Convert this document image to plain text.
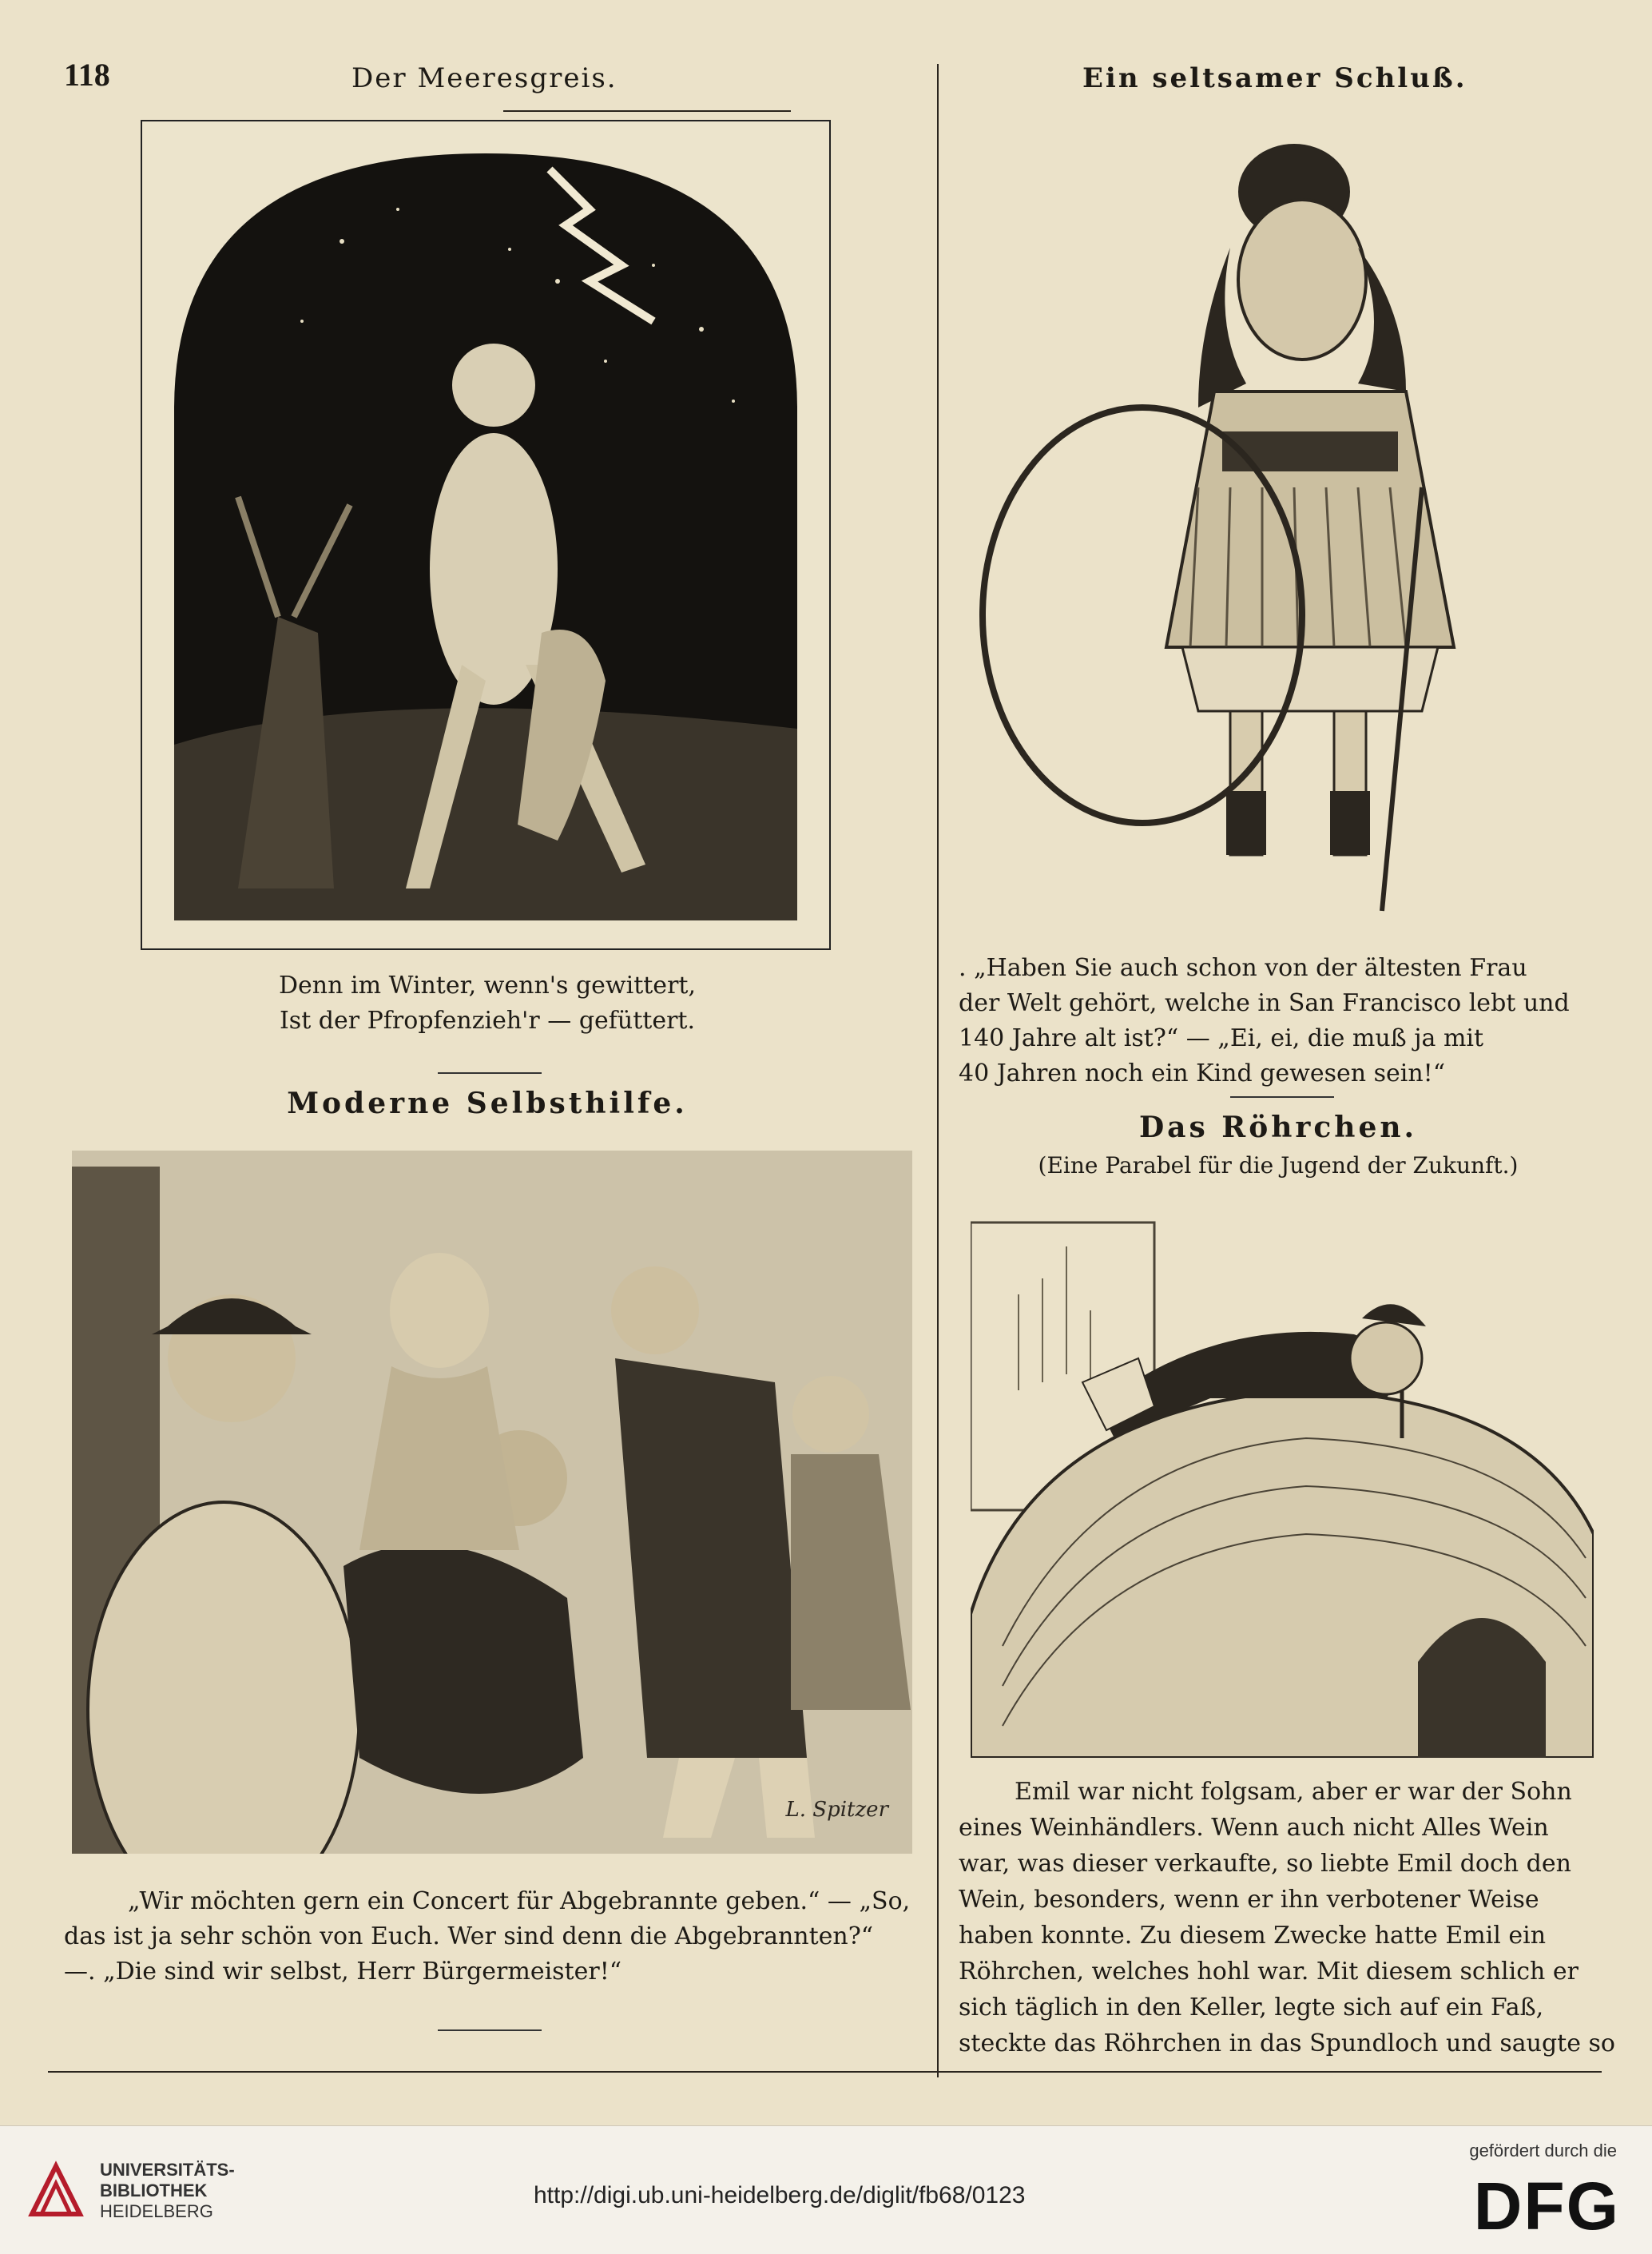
118	Der Meeresgreis.	Ein seltsamer Schluß.
Denn im Winter, wenn's gewittert,
Ist der Pfropfenzieh'r — gefüttert.
Moderne Selbsthilfe.
L. Spitzer
„Wir möchten gern ein Concert für Abgebrannte geben.“ — „So,
das ist ja sehr schön von Euch. Wer sind denn die Abgebrannten?“
—. „Die sind wir selbst, Herr Bürgermeister!“
. „Haben Sie auch schon von der ältesten Frau
der Welt gehört, welche in San Francisco lebt und
140 Jahre alt ist?“ — „Ei, ei, die muß ja mit
40 Jahren noch ein Kind gewesen sein!“
Das Röhrchen.
(Eine Parabel für die Jugend der Zukunft.)
Emil war nicht folgsam, aber er war der Sohn
eines Weinhändlers. Wenn auch nicht Alles Wein
war, was dieser verkaufte, so liebte Emil doch den
Wein, besonders, wenn er ihn verbotener Weise
haben konnte. Zu diesem Zwecke hatte Emil ein
Röhrchen, welches hohl war. Mit diesem schlich er
sich täglich in den Keller, legte sich auf ein Faß,
steckte das Röhrchen in das Spundloch und saugte so
UNIVERSITÄTS-
BIBLIOTHEK
HEIDELBERG
http://digi.ub.uni-heidelberg.de/diglit/fb68/0123
gefördert durch die
DFG
